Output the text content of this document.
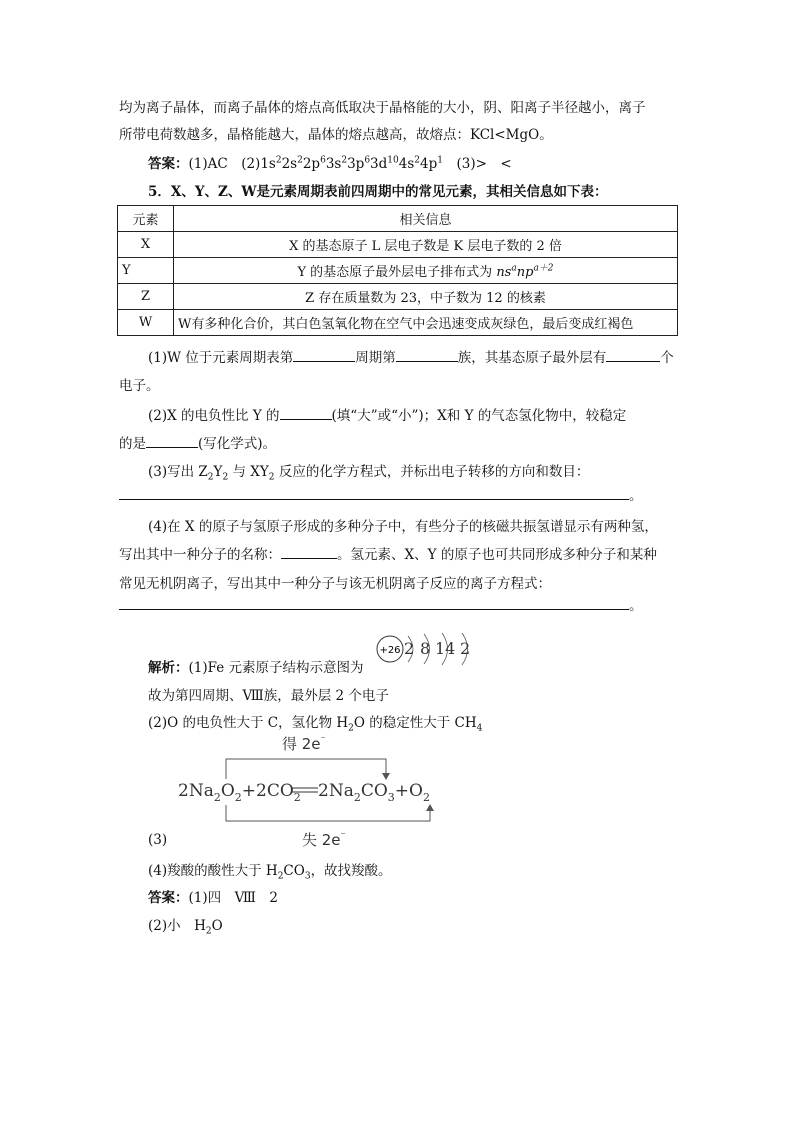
均为离子晶体，而离子晶体的熔点高低取决于晶格能的大小，阴、阳离子半径越小，离子
所带电荷数越多，晶格能越大，晶体的熔点越高，故熔点：KCl<MgO。
答案：(1)AC　$(2)1s^22s^22p^63s^23p^63d^{10}4s^24p^1$　(3)>　<
5．X、Y、Z、W是元素周期表前四周期中的常见元素，其相关信息如下表：
元素	相关信息
X	X 的基态原子 L 层电子数是 K 层电子数的 2 倍
Y	Y 的基态原子最外层电子排布式为 $ns^anp^{a+2}$
Z	Z 存在质量数为 23，中子数为 12 的核素
W	W有多种化合价，其白色氢氧化物在空气中会迅速变成灰绿色，最后变成红褐色
(1)W 位于元素周期表第	周期第	族，其基态原子最外层有	个
电子。
(2)X 的电负性比 Y 的	(填“大”或“小”)；X和 Y 的气态氢化物中，较稳定
的是	(写化学式)。
(3)写出 $Z_2Y_2$ 与 $XY_2$ 反应的化学方程式，并标出电子转移的方向和数目：
。
(4)在 X 的原子与氢原子形成的多种分子中，有些分子的核磁共振氢谱显示有两种氢，
写出其中一种分子的名称：	。氢元素、X、Y 的原子也可共同形成多种分子和某种
常见无机阴离子，写出其中一种分子与该无机阴离子反应的离子方程式：
。
解析：(1)Fe 元素原子结构示意图为
+26 2 8 14 2
故为第四周期、Ⅷ族，最外层 2 个电子
(2)O 的电负性大于 C，氢化物 $H_2O$ 的稳定性大于 $CH_4$
得 2e⁻
$2Na_2O_2+2CO_2$ $2Na_2CO_3+O_2$
失 2e⁻
(3)
(4)羧酸的酸性大于 $H_2CO_3$，故找羧酸。
答案：(1)四　Ⅷ　2
(2)小　$H_2O$
